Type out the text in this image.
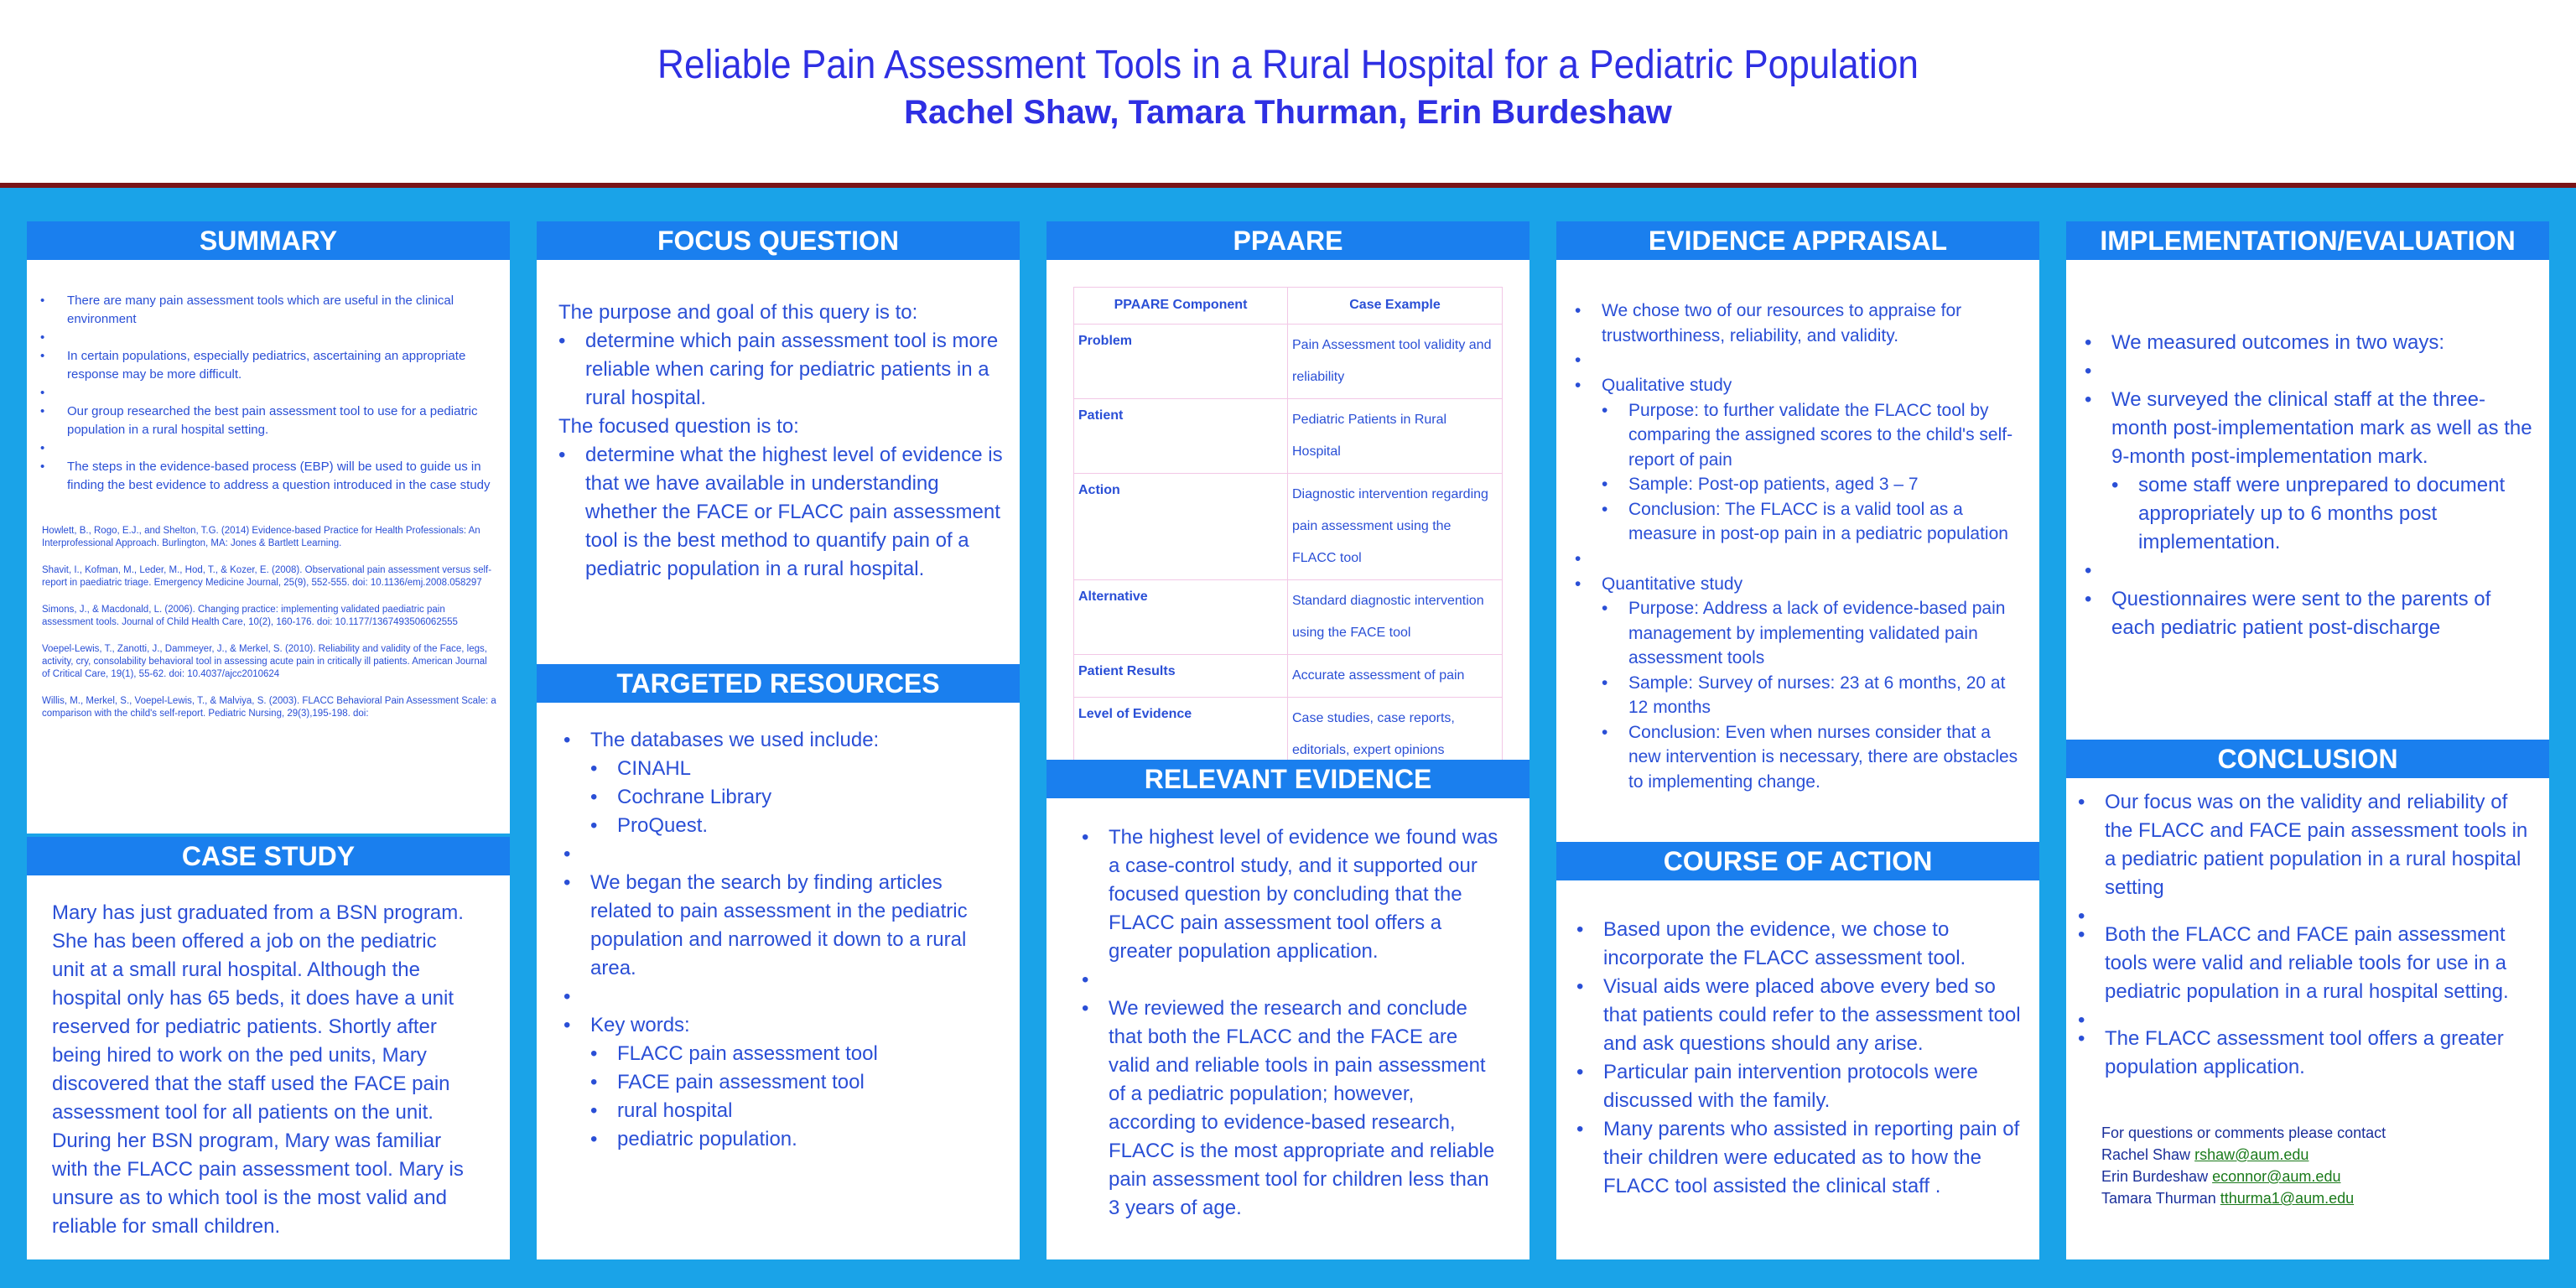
Reliable Pain Assessment Tools in a Rural Hospital for a Pediatric Population
Rachel Shaw, Tamara Thurman, Erin Burdeshaw
SUMMARY
• There are many pain assessment tools which are useful in the clinical environment
•
• In certain populations, especially pediatrics, ascertaining an appropriate response may be more difficult.
•
• Our group researched the best pain assessment tool to use for a pediatric population in a rural hospital setting.
•
• The steps in the evidence-based process (EBP) will be used to guide us in finding the best evidence to address a question introduced in the case study

Howlett, B., Rogo, E.J., and Shelton, T.G. (2014) Evidence-based Practice for Health Professionals: An Interprofessional Approach. Burlington, MA: Jones & Bartlett Learning.

Shavit, I., Kofman, M., Leder, M., Hod, T., & Kozer, E. (2008). Observational pain assessment versus self-report in paediatric triage. Emergency Medicine Journal, 25(9), 552-555. doi: 10.1136/emj.2008.058297

Simons, J., & Macdonald, L. (2006). Changing practice: implementing validated paediatric pain assessment tools. Journal of Child Health Care, 10(2), 160-176. doi: 10.1177/1367493506062555

Voepel-Lewis, T., Zanotti, J., Dammeyer, J., & Merkel, S. (2010). Reliability and validity of the Face, legs, activity, cry, consolability behavioral tool in assessing acute pain in critically ill patients. American Journal of Critical Care, 19(1), 55-62. doi: 10.4037/ajcc2010624

Willis, M., Merkel, S., Voepel-Lewis, T., & Malviya, S. (2003). FLACC Behavioral Pain Assessment Scale: a comparison with the child's self-report. Pediatric Nursing, 29(3),195-198. doi:

CASE STUDY
Mary has just graduated from a BSN program. She has been offered a job on the pediatric unit at a small rural hospital. Although the hospital only has 65 beds, it does have a unit reserved for pediatric patients. Shortly after being hired to work on the ped units, Mary discovered that the staff used the FACE pain assessment tool for all patients on the unit. During her BSN program, Mary was familiar with the FLACC pain assessment tool. Mary is unsure as to which tool is the most valid and reliable for small children.
FOCUS QUESTION
The purpose and goal of this query is to:
• determine which pain assessment tool is more reliable when caring for pediatric patients in a rural hospital.
The focused question is to:
• determine what the highest level of evidence is that we have available in understanding whether the FACE or FLACC pain assessment tool is the best method to quantify pain of a pediatric population in a rural hospital.
TARGETED RESOURCES
• The databases we used include:
• CINAHL
• Cochrane Library
• ProQuest.
•
• We began the search by finding articles related to pain assessment in the pediatric population and narrowed it down to a rural area.
•
• Key words:
• FLACC pain assessment tool
• FACE pain assessment tool
• rural hospital
• pediatric population.
PPAARE
PPAARE Component	Case Example
Problem	Pain Assessment tool validity and reliability
Patient	Pediatric Patients in Rural Hospital
Action	Diagnostic intervention regarding pain assessment using the FLACC tool
Alternative	Standard diagnostic intervention using the FACE tool
Patient Results	Accurate assessment of pain
Level of Evidence	Case studies, case reports, editorials, expert opinions
RELEVANT EVIDENCE
• The highest level of evidence we found was a case-control study, and it supported our focused question by concluding that the FLACC pain assessment tool offers a greater population application.
•
• We reviewed the research and conclude that both the FLACC and the FACE are valid and reliable tools in pain assessment of a pediatric population; however, according to evidence-based research, FLACC is the most appropriate and reliable pain assessment tool for children less than 3 years of age.
EVIDENCE APPRAISAL
• We chose two of our resources to appraise for trustworthiness, reliability, and validity.
•
• Qualitative study
• Purpose: to further validate the FLACC tool by comparing the assigned scores to the child's self-report of pain
• Sample: Post-op patients, aged 3 – 7
• Conclusion: The FLACC is a valid tool as a measure in post-op pain in a pediatric population
•
• Quantitative study
• Purpose: Address a lack of evidence-based pain management by implementing validated pain assessment tools
• Sample: Survey of nurses: 23 at 6 months, 20 at 12 months
• Conclusion: Even when nurses consider that a new intervention is necessary, there are obstacles to implementing change.
COURSE OF ACTION
• Based upon the evidence, we chose to incorporate the FLACC assessment tool.
• Visual aids were placed above every bed so that patients could refer to the assessment tool and ask questions should any arise.
• Particular pain intervention protocols were discussed with the family.
• Many parents who assisted in reporting pain of their children were educated as to how the FLACC tool assisted the clinical staff .
IMPLEMENTATION/EVALUATION
• We measured outcomes in two ways:
•
• We surveyed the clinical staff at the three-month post-implementation mark as well as the 9-month post-implementation mark.
• some staff were unprepared to document appropriately up to 6 months post implementation.
•
• Questionnaires were sent to the parents of each pediatric patient post-discharge
CONCLUSION
• Our focus was on the validity and reliability of the FLACC and FACE pain assessment tools in a pediatric patient population in a rural hospital setting
•
• Both the FLACC and FACE pain assessment tools were valid and reliable tools for use in a pediatric population in a rural hospital setting.
•
• The FLACC assessment tool offers a greater population application.
For questions or comments please contact
Rachel Shaw rshaw@aum.edu
Erin Burdeshaw econnor@aum.edu
Tamara Thurman tthurma1@aum.edu
